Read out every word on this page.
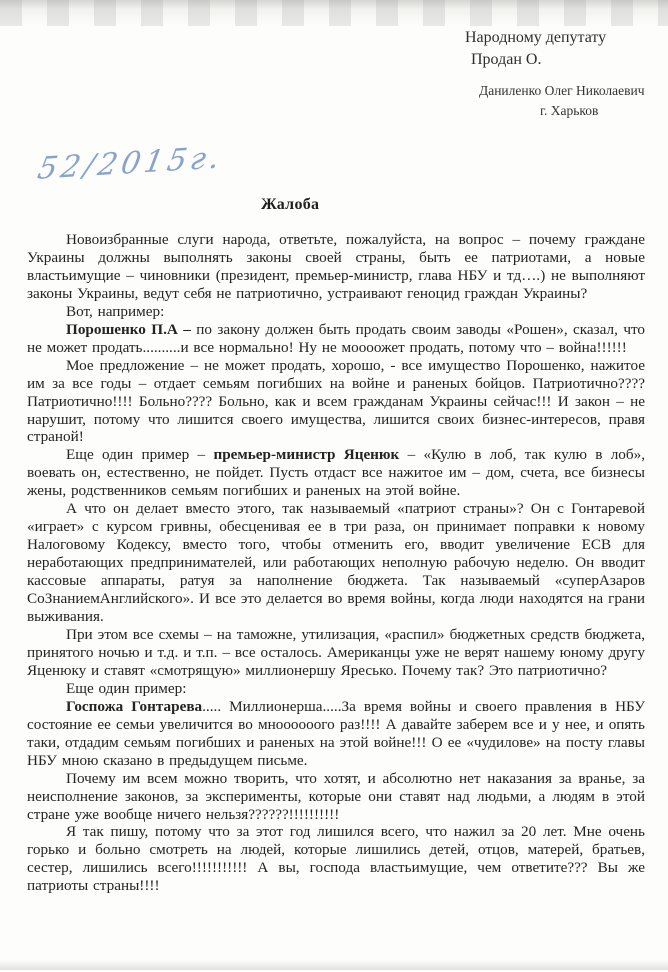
Народному депутату
Продан О.
Даниленко Олег Николаевич
г. Харьков
52/2015г.
Жалоба

Новоизбранные слуги народа, ответьте, пожалуйста, на вопрос – почему граждане Украины должны выполнять законы своей страны, быть ее патриотами, а новые властьимущие – чиновники (президент, премьер-министр, глава НБУ и тд….) не выполняют законы Украины, ведут себя не патриотично, устраивают геноцид граждан Украины?

Вот, например:

Порошенко П.А – по закону должен быть продать своим заводы «Рошен», сказал, что не может продать..........и все нормально! Ну не моооожет продать, потому что – война!!!!!!

Мое предложение – не может продать, хорошо, - все имущество Порошенко, нажитое им за все годы – отдает семьям погибших на войне и раненых бойцов. Патриотично???? Патриотично!!!! Больно???? Больно, как и всем гражданам Украины сейчас!!! И закон – не нарушит, потому что лишится своего имущества, лишится своих бизнес-интересов, правя страной!

Еще один пример – премьер-министр Яценюк – «Кулю в лоб, так кулю в лоб», воевать он, естественно, не пойдет. Пусть отдаст все нажитое им – дом, счета, все бизнесы жены, родственников семьям погибших и раненых на этой войне.

А что он делает вместо этого, так называемый «патриот страны»? Он с Гонтаревой «играет» с курсом гривны, обесценивая ее в три раза, он принимает поправки к новому Налоговому Кодексу, вместо того, чтобы отменить его, вводит увеличение ЕСВ для неработающих предпринимателей, или работающих неполную рабочую неделю. Он вводит кассовые аппараты, ратуя за наполнение бюджета. Так называемый «суперАзаров СоЗнаниемАнглийского». И все это делается во время войны, когда люди находятся на грани выживания.

При этом все схемы – на таможне, утилизация, «распил» бюджетных средств бюджета, принятого ночью и т.д. и т.п. – все осталось. Американцы уже не верят нашему юному другу Яценюку и ставят «смотрящую» миллионершу Яресько. Почему так? Это патриотично?

Еще один пример:

Госпожа Гонтарева..... Миллионерша.....За время войны и своего правления в НБУ состояние ее семьи увеличится во мноооооого раз!!!! А давайте заберем все и у нее, и опять таки, отдадим семьям погибших и раненых на этой войне!!! О ее «чудилове» на посту главы НБУ мною сказано в предыдущем письме.

Почему им всем можно творить, что хотят, и абсолютно нет наказания за вранье, за неисполнение законов, за эксперименты, которые они ставят над людьми, а людям в этой стране уже вообще ничего нельзя??????!!!!!!!!!!

Я так пишу, потому что за этот год лишился всего, что нажил за 20 лет. Мне очень горько и больно смотреть на людей, которые лишились детей, отцов, матерей, братьев, сестер, лишились всего!!!!!!!!!!! А вы, господа властьимущие, чем ответите??? Вы же патриоты страны!!!!
